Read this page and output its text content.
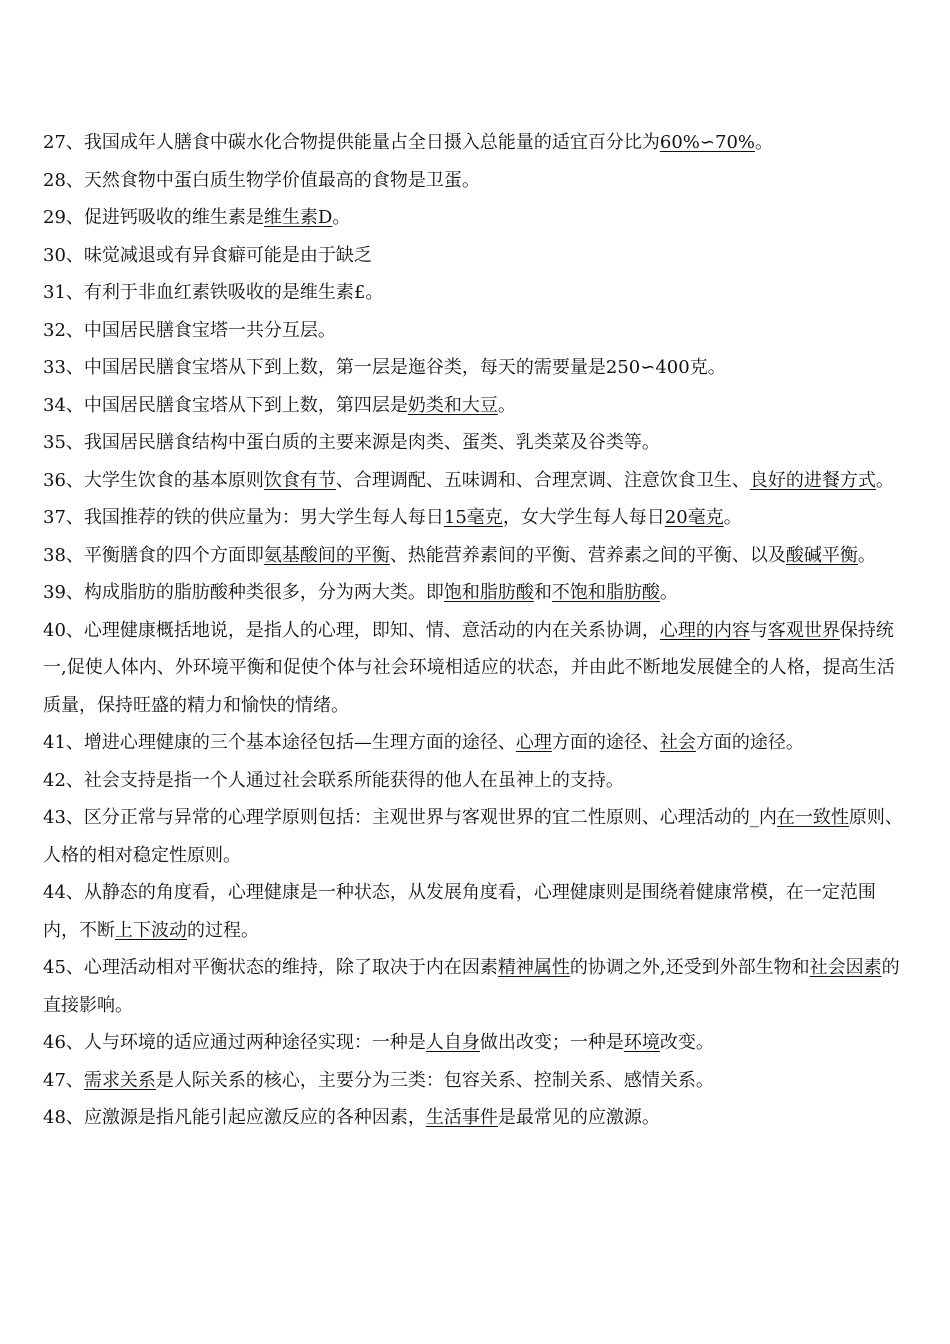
27、我国成年人膳食中碳水化合物提供能量占全日摄入总能量的适宜百分比为60%∽70%。

28、天然食物中蛋白质生物学价值最高的食物是卫蛋。

29、促进钙吸收的维生素是维生素D。

30、味觉减退或有异食癖可能是由于缺乏

31、有利于非血红素铁吸收的是维生素£。

32、中国居民膳食宝塔一共分互层。

33、中国居民膳食宝塔从下到上数，第一层是迤谷类，每天的需要量是250∽400克。

34、中国居民膳食宝塔从下到上数，第四层是奶类和大豆。

35、我国居民膳食结构中蛋白质的主要来源是肉类、蛋类、乳类菜及谷类等。

36、大学生饮食的基本原则饮食有节、合理调配、五味调和、合理烹调、注意饮食卫生、良好的进餐方式。

37、我国推荐的铁的供应量为：男大学生每人每日15毫克，女大学生每人每日20毫克。

38、平衡膳食的四个方面即氨基酸间的平衡、热能营养素间的平衡、营养素之间的平衡、以及酸碱平衡。

39、构成脂肪的脂肪酸种类很多，分为两大类。即饱和脂肪酸和不饱和脂肪酸。

40、心理健康概括地说，是指人的心理，即知、情、意活动的内在关系协调，心理的内容与客观世界保持统一,促使人体内、外环境平衡和促使个体与社会环境相适应的状态，并由此不断地发展健全的人格，提高生活质量，保持旺盛的精力和愉快的情绪。

41、增进心理健康的三个基本途径包括—生理方面的途径、心理方面的途径、社会方面的途径。

42、社会支持是指一个人通过社会联系所能获得的他人在虽神上的支持。

43、区分正常与异常的心理学原则包括：主观世界与客观世界的宜二性原则、心理活动的_内在一致性原则、人格的相对稳定性原则。

44、从静态的角度看，心理健康是一种状态，从发展角度看，心理健康则是围绕着健康常模，在一定范围内，不断上下波动的过程。

45、心理活动相对平衡状态的维持，除了取决于内在因素精神属性的协调之外,还受到外部生物和社会因素的直接影响。

46、人与环境的适应通过两种途径实现：一种是人自身做出改变；一种是环境改变。

47、需求关系是人际关系的核心，主要分为三类：包容关系、控制关系、感情关系。

48、应激源是指凡能引起应激反应的各种因素，生活事件是最常见的应激源。
